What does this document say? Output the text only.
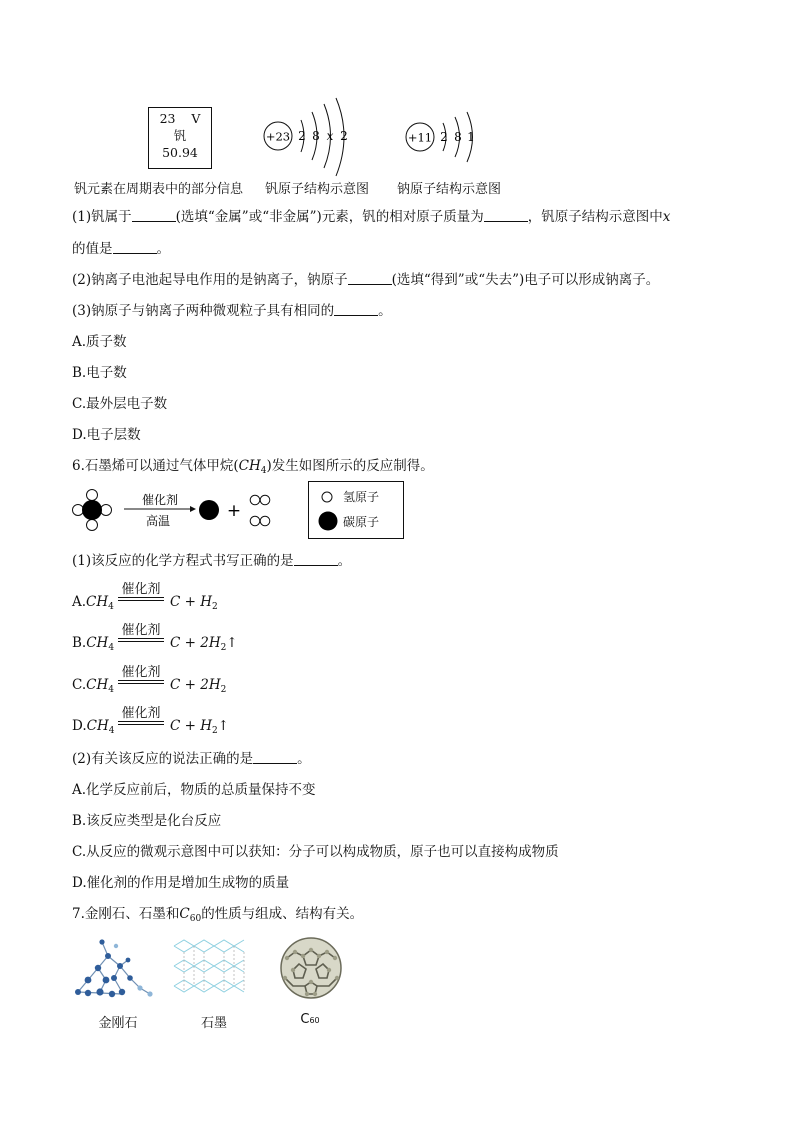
23 V
钒
50.94
+23 2 8 x 2	+11 2 8 1
钒元素在周期表中的部分信息 钒原子结构示意图 钠原子结构示意图
(1)钒属于	(选填“金属”或“非金属”)元素，钒的相对原子质量为	，钒原子结构示意图中x
的值是	。
(2)钠离子电池起导电作用的是钠离子，钠原子	(选填“得到”或“失去”)电子可以形成钠离子。
(3)钠原子与钠离子两种微观粒子具有相同的	。
A.质子数
B.电子数
C.最外层电子数
D.电子层数
6.石墨烯可以通过气体甲烷$(CH_4)$发生如图所示的反应制得。
催化剂
高温	+
氢原子
碳原子
(1)该反应的化学方程式书写正确的是	。
$A.CH_4$
催化剂
$C + H_2$
$B.CH_4$
催化剂
$C + 2H_2↑$
$C.CH_4$
催化剂
$C + 2H_2$
$D.CH_4$
催化剂
$C + H_2↑$
(2)有关该反应的说法正确的是	。
A.化学反应前后，物质的总质量保持不变
B.该反应类型是化台反应
C.从反应的微观示意图中可以获知：分子可以构成物质，原子也可以直接构成物质
D.催化剂的作用是增加生成物的质量
7.金刚石、石墨和$C_{60}$的性质与组成、结构有关。
金刚石	石墨	C60
